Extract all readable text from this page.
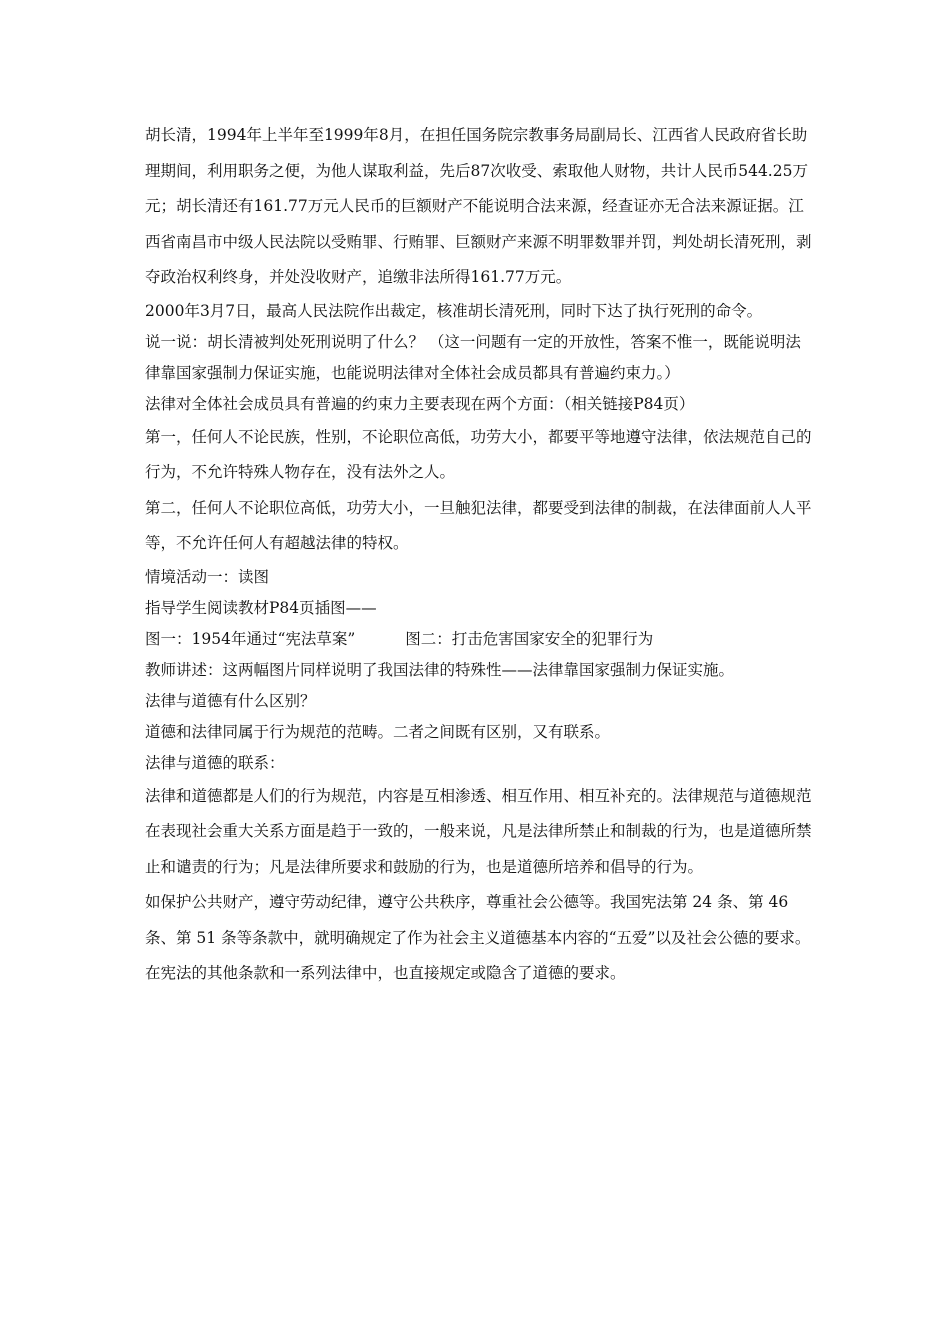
胡长清，1994年上半年至1999年8月，在担任国务院宗教事务局副局长、江西省人民政府省长助理期间，利用职务之便，为他人谋取利益，先后87次收受、索取他人财物，共计人民币544.25万元；胡长清还有161.77万元人民币的巨额财产不能说明合法来源，经查证亦无合法来源证据。江西省南昌市中级人民法院以受贿罪、行贿罪、巨额财产来源不明罪数罪并罚，判处胡长清死刑，剥夺政治权利终身，并处没收财产，追缴非法所得161.77万元。

2000年3月7日，最高人民法院作出裁定，核准胡长清死刑，同时下达了执行死刑的命令。

说一说：胡长清被判处死刑说明了什么？ （这一问题有一定的开放性，答案不惟一，既能说明法律靠国家强制力保证实施，也能说明法律对全体社会成员都具有普遍约束力。）

法律对全体社会成员具有普遍的约束力主要表现在两个方面：（相关链接P84页）

第一，任何人不论民族，性别，不论职位高低，功劳大小，都要平等地遵守法律，依法规范自己的行为，不允许特殊人物存在，没有法外之人。

第二，任何人不论职位高低，功劳大小，一旦触犯法律，都要受到法律的制裁，在法律面前人人平等，不允许任何人有超越法律的特权。

情境活动一：读图

指导学生阅读教材P84页插图——

图一：1954年通过“宪法草案”	图二：打击危害国家安全的犯罪行为

教师讲述：这两幅图片同样说明了我国法律的特殊性——法律靠国家强制力保证实施。

法律与道德有什么区别？

道德和法律同属于行为规范的范畴。二者之间既有区别，又有联系。

法律与道德的联系：

法律和道德都是人们的行为规范，内容是互相渗透、相互作用、相互补充的。法律规范与道德规范在表现社会重大关系方面是趋于一致的，一般来说，凡是法律所禁止和制裁的行为，也是道德所禁止和谴责的行为；凡是法律所要求和鼓励的行为，也是道德所培养和倡导的行为。

如保护公共财产，遵守劳动纪律，遵守公共秩序，尊重社会公德等。我国宪法第 24 条、第 46 条、第 51 条等条款中，就明确规定了作为社会主义道德基本内容的“五爱”以及社会公德的要求。在宪法的其他条款和一系列法律中，也直接规定或隐含了道德的要求。
